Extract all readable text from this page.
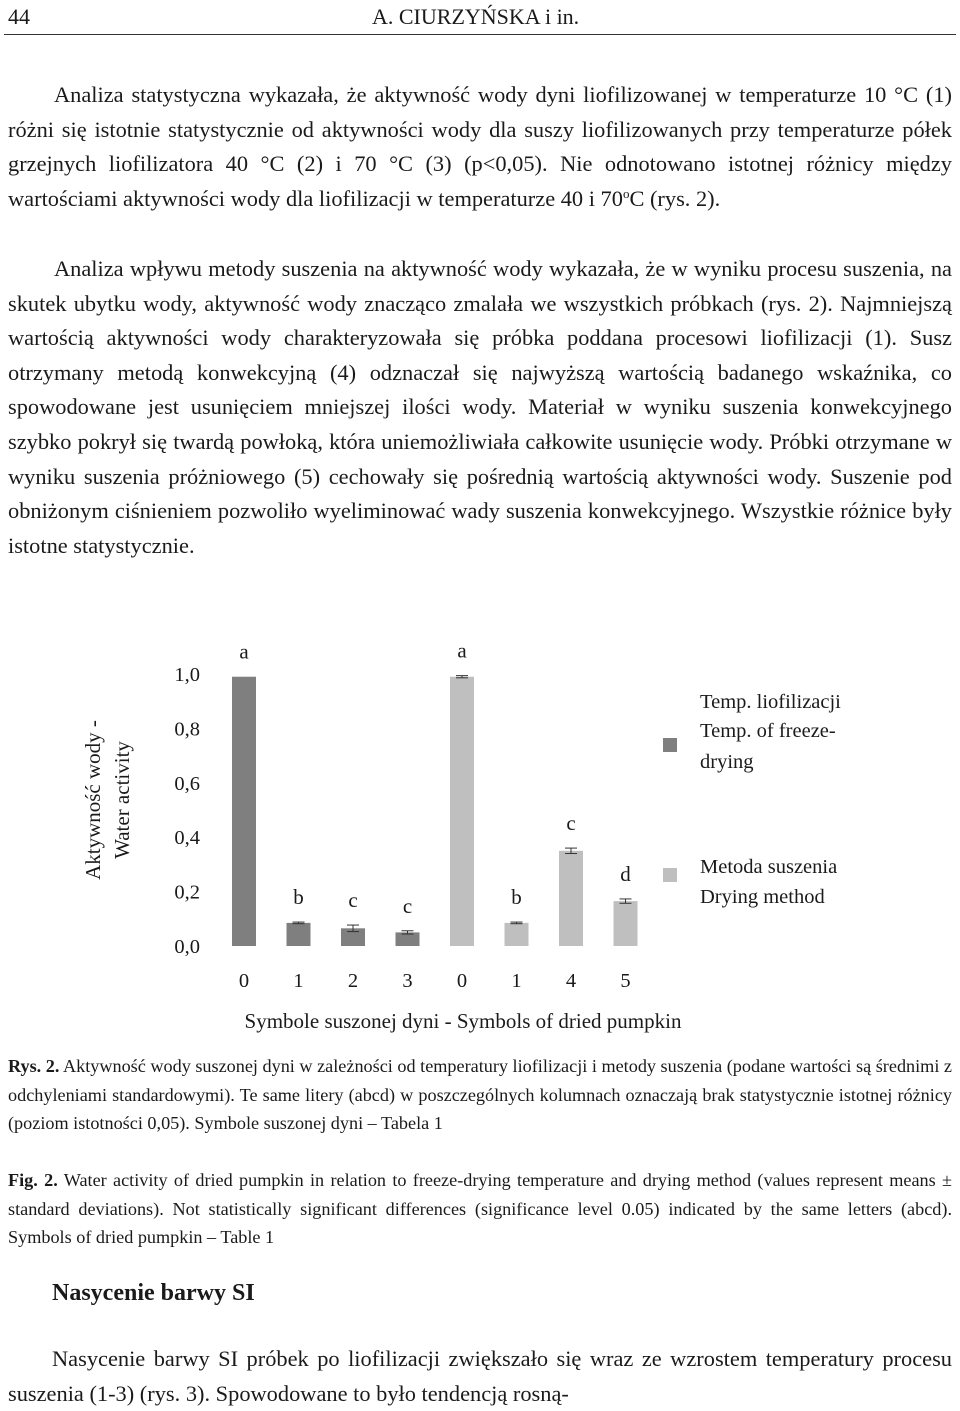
44	A. CIURZYŃSKA i in.

Analiza statystyczna wykazała, że aktywność wody dyni liofilizowanej w temperaturze 10 °C (1) różni się istotnie statystycznie od aktywności wody dla suszy liofilizowanych przy temperaturze półek grzejnych liofilizatora 40 °C (2) i 70 °C (3) (p<0,05). Nie odnotowano istotnej różnicy między wartościami aktywności wody dla liofilizacji w temperaturze 40 i 70$^o$C (rys. 2).

Analiza wpływu metody suszenia na aktywność wody wykazała, że w wyniku procesu suszenia, na skutek ubytku wody, aktywność wody znacząco zmalała we wszystkich próbkach (rys. 2). Najmniejszą wartością aktywności wody charakteryzowała się próbka poddana procesowi liofilizacji (1). Susz otrzymany metodą konwekcyjną (4) odznaczał się najwyższą wartością badanego wskaźnika, co spowodowane jest usunięciem mniejszej ilości wody. Materiał w wyniku suszenia konwekcyjnego szybko pokrył się twardą powłoką, która uniemożliwiała całkowite usunięcie wody. Próbki otrzymane w wyniku suszenia próżniowego (5) cechowały się pośrednią wartością aktywności wody. Suszenie pod obniżonym ciśnieniem pozwoliło wyeliminować wady suszenia konwekcyjnego. Wszystkie różnice były istotne statystycznie.

Aktywność wody - Water activity
0,0
0,2
0,4
0,6
0,8
1,0
a
b c c
a
b
c
d
0 1 2 3 0 1 4 5
Symbole suszonej dyni - Symbols of dried pumpkin
Temp. liofilizacji
Temp. of freeze-
drying
Metoda suszenia
Drying method
Rys. 2. Aktywność wody suszonej dyni w zależności od temperatury liofilizacji i metody suszenia (podane wartości są średnimi z odchyleniami standardowymi). Te same litery (abcd) w poszczególnych kolumnach oznaczają brak statystycznie istotnej różnicy (poziom istotności 0,05). Symbole suszonej dyni – Tabela 1
Fig. 2. Water activity of dried pumpkin in relation to freeze-drying temperature and drying method (values represent means ± standard deviations). Not statistically significant differences (significance level 0.05) indicated by the same letters (abcd). Symbols of dried pumpkin – Table 1
Nasycenie barwy SI

Nasycenie barwy SI próbek po liofilizacji zwiększało się wraz ze wzrostem temperatury procesu suszenia (1-3) (rys. 3). Spowodowane to było tendencją rosną-
